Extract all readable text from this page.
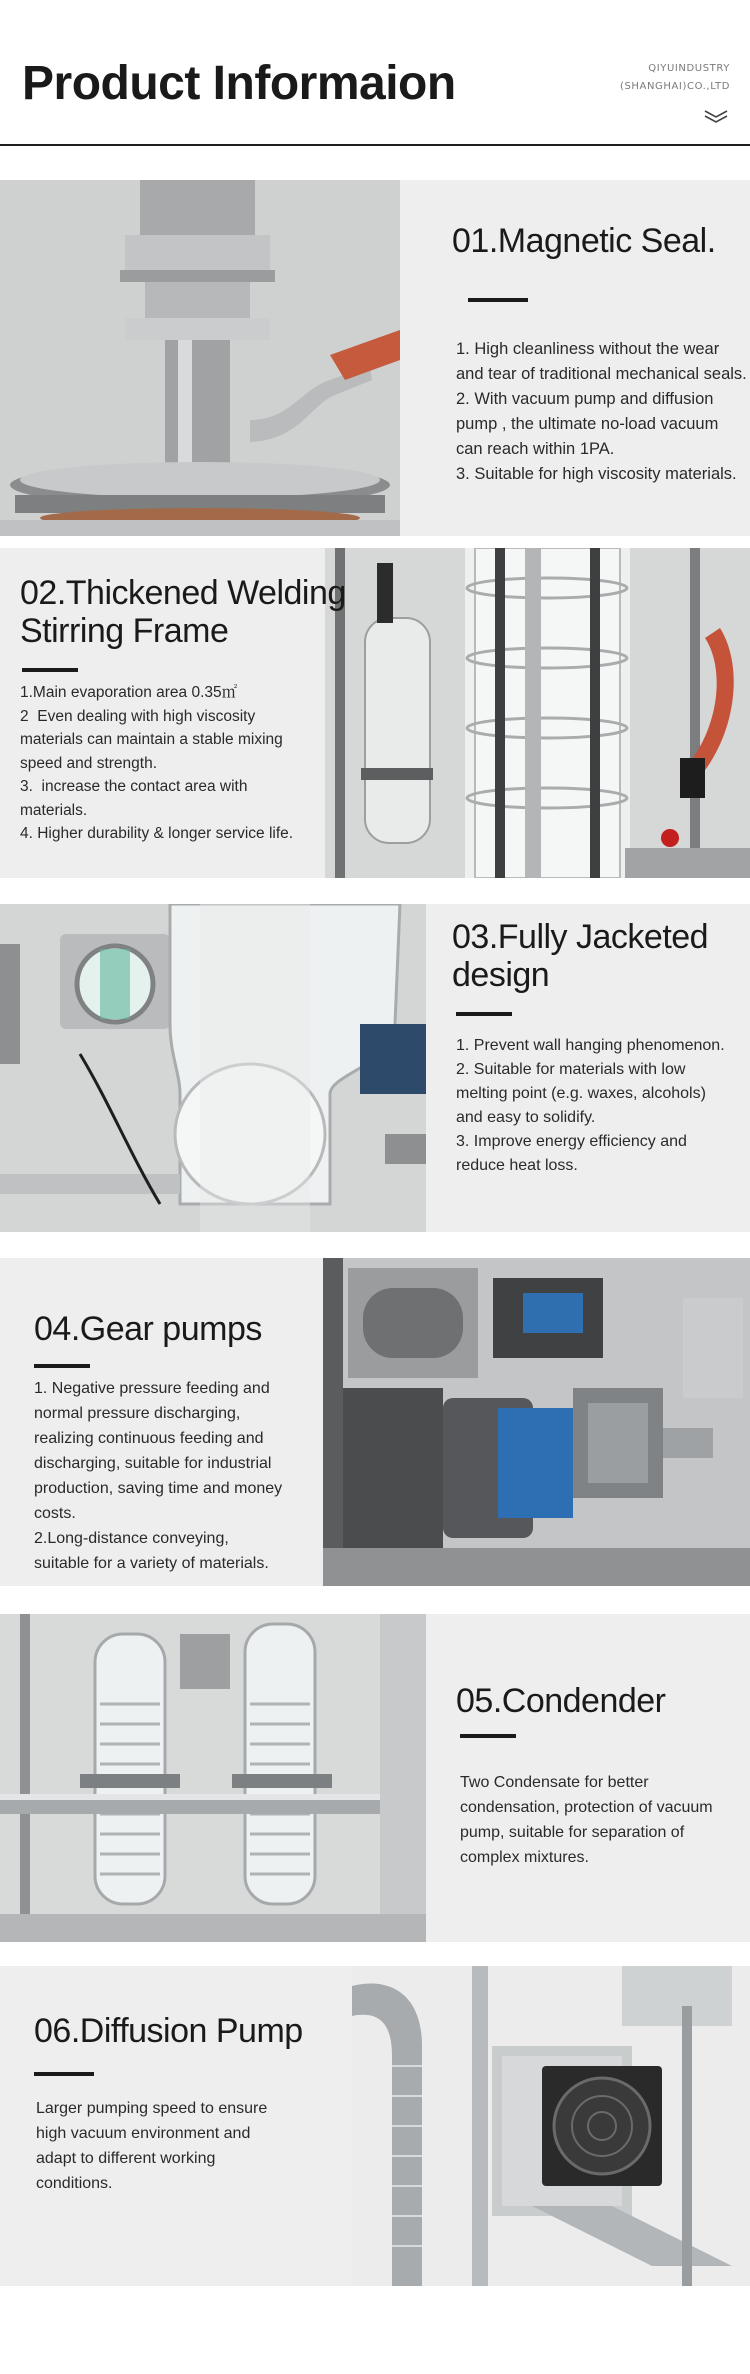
Product Informaion	QIYUINDUSTRY
(SHANGHAI)CO.,LTD
01.Magnetic Seal.
1. High cleanliness without the wear
and tear of traditional mechanical seals.
2. With vacuum pump and diffusion
pump , the ultimate no-load vacuum
can reach within 1PA.
3. Suitable for high viscosity materials.
02.Thickened Welding
Stirring Frame
1.Main evaporation area 0.35㎡
2  Even dealing with high viscosity
materials can maintain a stable mixing
speed and strength.
3.  increase the contact area with
materials.
4. Higher durability & longer service life.
03.Fully Jacketed
design
1. Prevent wall hanging phenomenon.
2. Suitable for materials with low
melting point (e.g. waxes, alcohols)
and easy to solidify.
3. Improve energy efficiency and
reduce heat loss.
04.Gear pumps
1. Negative pressure feeding and
normal pressure discharging,
realizing continuous feeding and
discharging, suitable for industrial
production, saving time and money
costs.
2.Long-distance conveying,
suitable for a variety of materials.
05.Condender
Two Condensate for better
condensation, protection of vacuum
pump, suitable for separation of
complex mixtures.
06.Diffusion Pump
Larger pumping speed to ensure
high vacuum environment and
adapt to different working
conditions.
